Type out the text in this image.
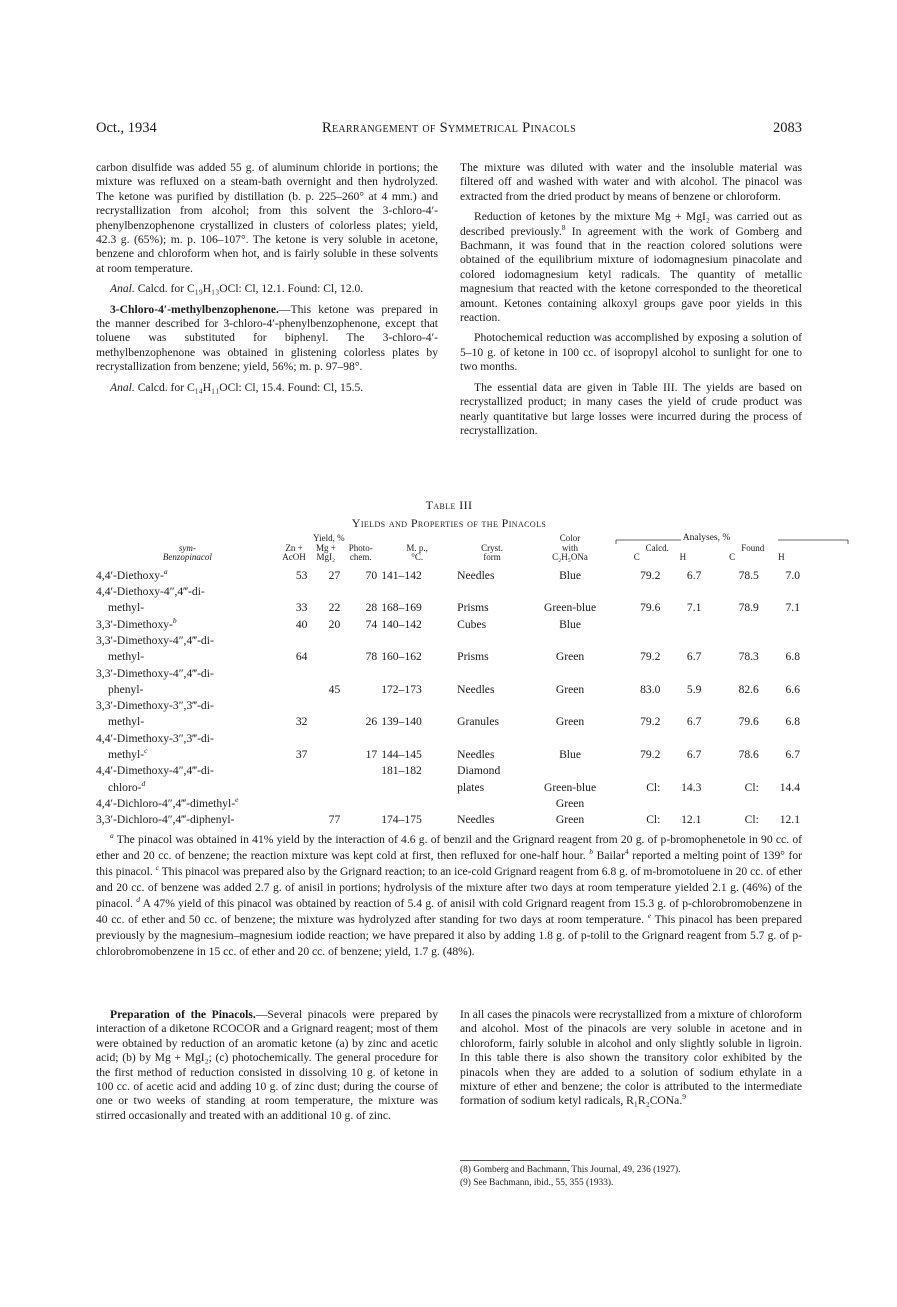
Oct., 1934	Rearrangement of Symmetrical Pinacols	2083

carbon disulfide was added 55 g. of aluminum chloride in portions; the mixture was refluxed on a steam-bath overnight and then hydrolyzed. The ketone was purified by distillation (b. p. 225–260° at 4 mm.) and recrystallization from alcohol; from this solvent the 3-chloro-4′-phenylbenzophenone crystallized in clusters of colorless plates; yield, 42.3 g. (65%); m. p. 106–107°. The ketone is very soluble in acetone, benzene and chloroform when hot, and is fairly soluble in these solvents at room temperature.

Anal. Calcd. for C₁₉H₁₃OCl: Cl, 12.1. Found: Cl, 12.0.

3-Chloro-4′-methylbenzophenone.—This ketone was prepared in the manner described for 3-chloro-4′-phenylbenzophenone, except that toluene was substituted for biphenyl. The 3-chloro-4′-methylbenzophenone was obtained in glistening colorless plates by recrystallization from benzene; yield, 56%; m. p. 97–98°.

Anal. Calcd. for C₁₄H₁₁OCl: Cl, 15.4. Found: Cl, 15.5.

The mixture was diluted with water and the insoluble material was filtered off and washed with water and with alcohol. The pinacol was extracted from the dried product by means of benzene or chloroform.

Reduction of ketones by the mixture Mg + MgI₂ was carried out as described previously.$^8$ In agreement with the work of Gomberg and Bachmann, it was found that in the reaction colored solutions were obtained of the equilibrium mixture of iodomagnesium pinacolate and colored iodomagnesium ketyl radicals. The quantity of metallic magnesium that reacted with the ketone corresponded to the theoretical amount. Ketones containing alkoxyl groups gave poor yields in this reaction.

Photochemical reduction was accomplished by exposing a solution of 5–10 g. of ketone in 100 cc. of isopropyl alcohol to sunlight for one to two months.

The essential data are given in Table III. The yields are based on recrystallized product; in many cases the yield of crude product was nearly quantitative but large losses were incurred during the process of recrystallization.

Table III
Yields and Properties of the Pinacols
sym-
Benzopinacol	Yield, %			M. p.,
°C.	Cryst.
form	Color
with
C₂H₅ONa	Analyses, %			

	Zn +
AcOH	Mg +
MgI₂	Photo-
chem.				Calcd.		Found	
							C	H	C	H
4,4′-Diethoxy-$^a$	53	27	70	141–142	Needles	Blue	79.2	6.7	78.5	7.0
4,4′-Diethoxy-4″,4‴-di-										
methyl-	33	22	28	168–169	Prisms	Green-blue	79.6	7.1	78.9	7.1
3,3′-Dimethoxy-$^b$	40	20	74	140–142	Cubes	Blue				
3,3′-Dimethoxy-4″,4‴-di-										
methyl-	64		78	160–162	Prisms	Green	79.2	6.7	78.3	6.8
3,3′-Dimethoxy-4″,4‴-di-										
phenyl-		45		172–173	Needles	Green	83.0	5.9	82.6	6.6
3,3′-Dimethoxy-3″,3‴-di-										
methyl-	32		26	139–140	Granules	Green	79.2	6.7	79.6	6.8
4,4′-Dimethoxy-3″,3‴-di-										
methyl-$^c$	37		17	144–145	Needles	Blue	79.2	6.7	78.6	6.7
4,4′-Dimethoxy-4″,4‴-di-				181–182	Diamond					
chloro-$^d$					plates	Green-blue	Cl:	14.3	Cl:	14.4
4,4′-Dichloro-4″,4‴-dimethyl-$^e$						Green				
3,3′-Dichloro-4″,4‴-diphenyl-		77		174–175	Needles	Green	Cl:	12.1	Cl:	12.1
$^a$ The pinacol was obtained in 41% yield by the interaction of 4.6 g. of benzil and the Grignard reagent from 20 g. of p-bromophenetole in 90 cc. of ether and 20 cc. of benzene; the reaction mixture was kept cold at first, then refluxed for one-half hour. $^b$ Bailar$^4$ reported a melting point of 139° for this pinacol. $^c$ This pinacol was prepared also by the Grignard reaction; to an ice-cold Grignard reagent from 6.8 g. of m-bromotoluene in 20 cc. of ether and 20 cc. of benzene was added 2.7 g. of anisil in portions; hydrolysis of the mixture after two days at room temperature yielded 2.1 g. (46%) of the pinacol. $^d$ A 47% yield of this pinacol was obtained by reaction of 5.4 g. of anisil with cold Grignard reagent from 15.3 g. of p-chlorobromobenzene in 40 cc. of ether and 50 cc. of benzene; the mixture was hydrolyzed after standing for two days at room temperature. $^e$ This pinacol has been prepared previously by the magnesium–magnesium iodide reaction; we have prepared it also by adding 1.8 g. of p-tolil to the Grignard reagent from 5.7 g. of p-chlorobromobenzene in 15 cc. of ether and 20 cc. of benzene; yield, 1.7 g. (48%).

Preparation of the Pinacols.—Several pinacols were prepared by interaction of a diketone RCOCOR and a Grignard reagent; most of them were obtained by reduction of an aromatic ketone (a) by zinc and acetic acid; (b) by Mg + MgI₂; (c) photochemically. The general procedure for the first method of reduction consisted in dissolving 10 g. of ketone in 100 cc. of acetic acid and adding 10 g. of zinc dust; during the course of one or two weeks of standing at room temperature, the mixture was stirred occasionally and treated with an additional 10 g. of zinc.

In all cases the pinacols were recrystallized from a mixture of chloroform and alcohol. Most of the pinacols are very soluble in acetone and in chloroform, fairly soluble in alcohol and only slightly soluble in ligroin. In this table there is also shown the transitory color exhibited by the pinacols when they are added to a solution of sodium ethylate in a mixture of ether and benzene; the color is attributed to the intermediate formation of sodium ketyl radicals, R₁R₂CONa.$^9$

(8) Gomberg and Bachmann, This Journal, 49, 236 (1927).
(9) See Bachmann, ibid., 55, 355 (1933).
